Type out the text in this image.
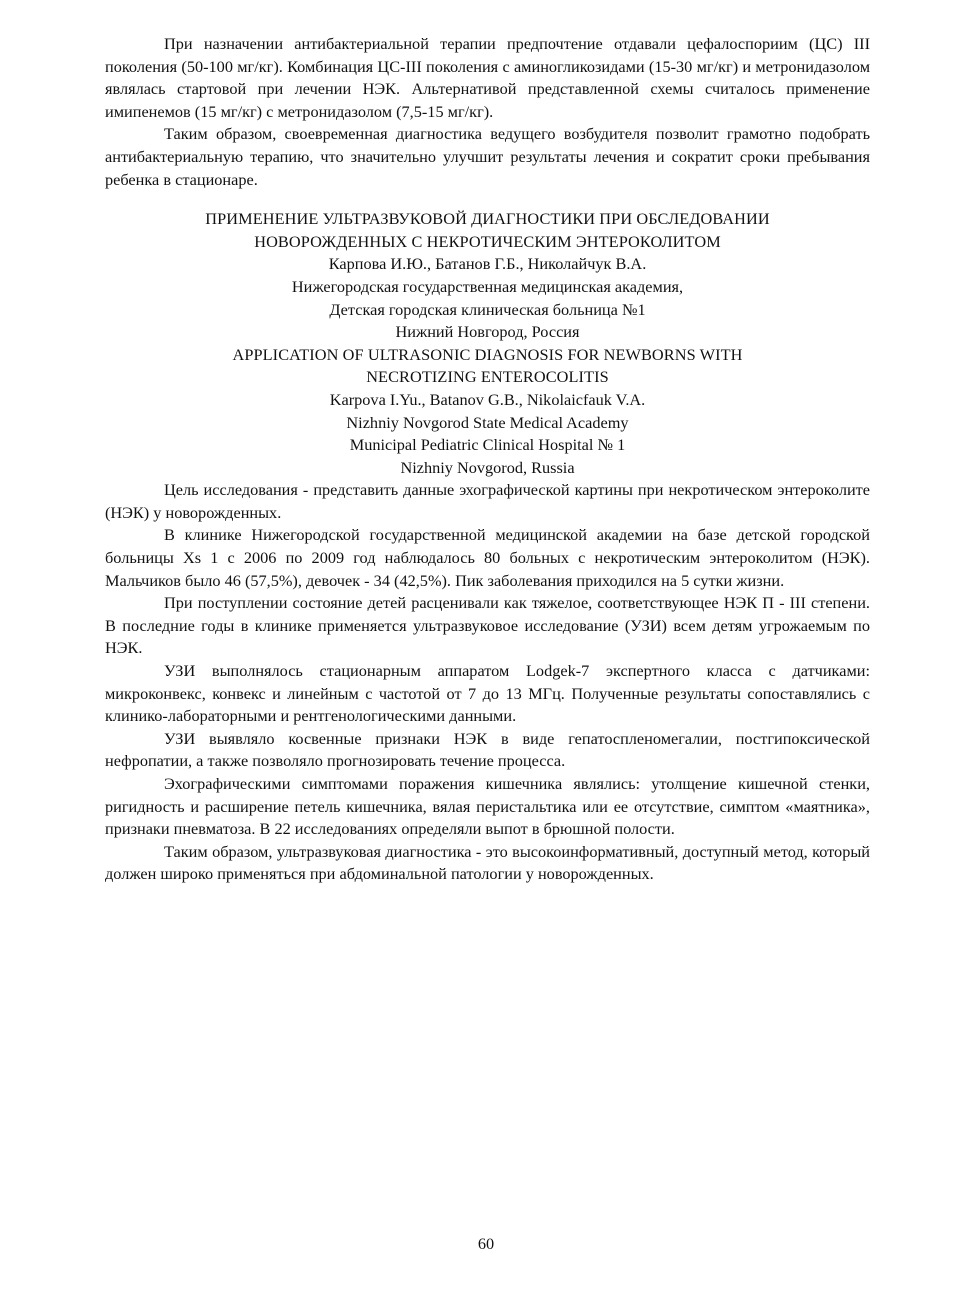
При назначении антибактериальной терапии предпочтение отдавали цефалоспориим (ЦС) III поколения (50-100 мг/кг). Комбинация ЦС-III поколения с аминогликозидами (15-30 мг/кг) и метронидазолом являлась стартовой при лечении НЭК. Альтернативой представленной схемы считалось применение имипенемов (15 мг/кг) с метронидазолом (7,5-15 мг/кг).

Таким образом, своевременная диагностика ведущего возбудителя позволит грамотно подобрать антибактериальную терапию, что значительно улучшит результаты лечения и сократит сроки пребывания ребенка в стационаре.

ПРИМЕНЕНИЕ УЛЬТРАЗВУКОВОЙ ДИАГНОСТИКИ ПРИ ОБСЛЕДОВАНИИ

НОВОРОЖДЕННЫХ С НЕКРОТИЧЕСКИМ ЭНТЕРОКОЛИТОМ

Карпова И.Ю., Батанов Г.Б., Николайчук В.А.

Нижегородская государственная медицинская академия,

Детская городская клиническая больница №1

Нижний Новгород, Россия

APPLICATION OF ULTRASONIC DIAGNOSIS FOR NEWBORNS WITH

NECROTIZING ENTEROCOLITIS

Karpova I.Yu., Batanov G.B., Nikolaicfauk V.A.

Nizhniy Novgorod State Medical Academy

Municipal Pediatric Clinical Hospital № 1

Nizhniy Novgorod, Russia

Цель исследования - представить данные эхографической картины при некротическом энтероколите (НЭК) у новорожденных.

В клинике Нижегородской государственной медицинской академии на базе детской городской больницы Xs 1 с 2006 по 2009 год наблюдалось 80 больных с некротическим энтероколитом (НЭК). Мальчиков было 46 (57,5%), девочек - 34 (42,5%). Пик заболевания приходился на 5 сутки жизни.

При поступлении состояние детей расценивали как тяжелое, соответствующее НЭК П - III степени. В последние годы в клинике применяется ультразвуковое исследование (УЗИ) всем детям угрожаемым по НЭК.

УЗИ выполнялось стационарным аппаратом Lodgek-7 экспертного класса с датчиками: микроконвекс, конвекс и линейным с частотой от 7 до 13 МГц. Полученные результаты сопоставлялись с клинико-лабораторными и рентгенологическими данными.

УЗИ выявляло косвенные признаки НЭК в виде гепатоспленомегалии, постгипоксической нефропатии, а также позволяло прогнозировать течение процесса.

Эхографическими симптомами поражения кишечника являлись: утолщение кишечной стенки, ригидность и расширение петель кишечника, вялая перистальтика или ее отсутствие, симптом «маятника», признаки пневматоза. В 22 исследованиях определяли выпот в брюшной полости.

Таким образом, ультразвуковая диагностика - это высокоинформативный, доступный метод, который должен широко применяться при абдоминальной патологии у новорожденных.

60
